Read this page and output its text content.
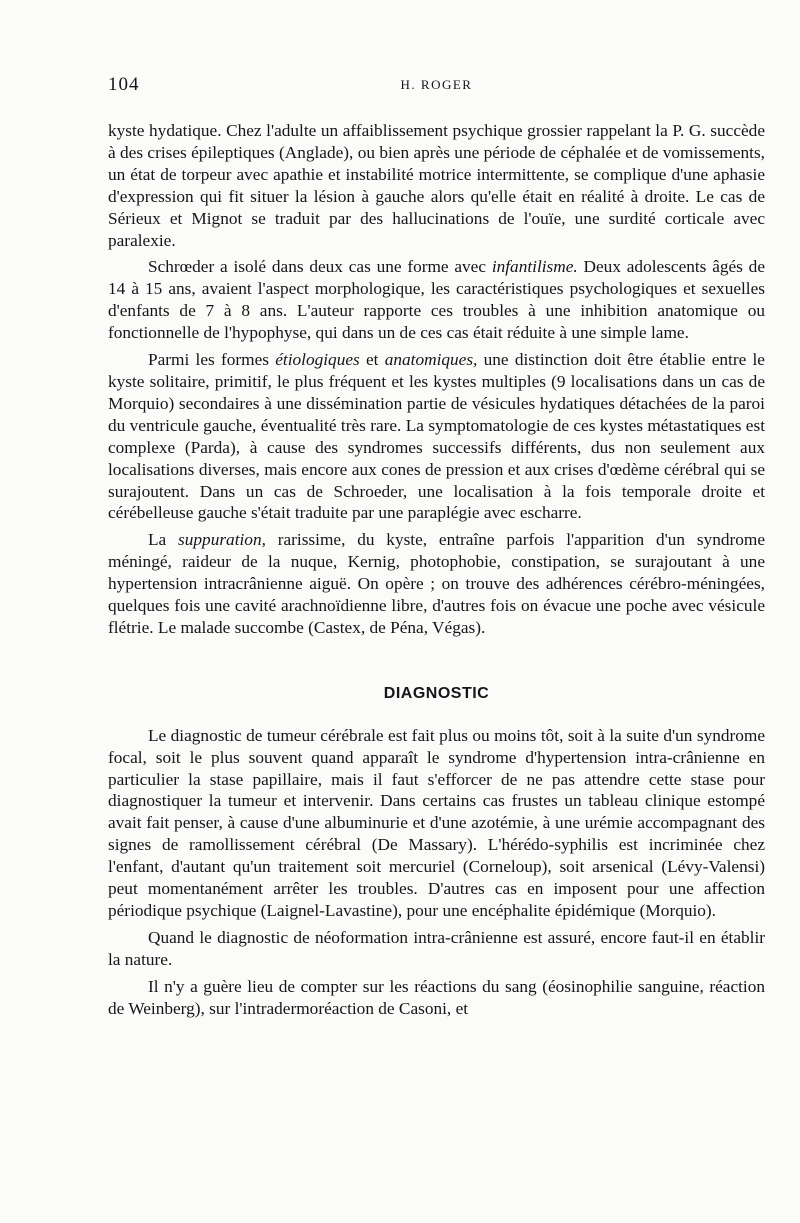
104	H. ROGER

kyste hydatique. Chez l'adulte un affaiblissement psychique grossier rappelant la P. G. succède à des crises épileptiques (Anglade), ou bien après une période de céphalée et de vomissements, un état de torpeur avec apathie et instabilité motrice intermittente, se complique d'une aphasie d'expression qui fit situer la lésion à gauche alors qu'elle était en réalité à droite. Le cas de Sérieux et Mignot se traduit par des hallucinations de l'ouïe, une surdité corticale avec paralexie.

Schrœder a isolé dans deux cas une forme avec infantilisme. Deux adolescents âgés de 14 à 15 ans, avaient l'aspect morphologique, les caractéristiques psychologiques et sexuelles d'enfants de 7 à 8 ans. L'auteur rapporte ces troubles à une inhibition anatomique ou fonctionnelle de l'hypophyse, qui dans un de ces cas était réduite à une simple lame.

Parmi les formes étiologiques et anatomiques, une distinction doit être établie entre le kyste solitaire, primitif, le plus fréquent et les kystes multiples (9 localisations dans un cas de Morquio) secondaires à une dissémination partie de vésicules hydatiques détachées de la paroi du ventricule gauche, éventualité très rare. La symptomatologie de ces kystes métastatiques est complexe (Parda), à cause des syndromes successifs différents, dus non seulement aux localisations diverses, mais encore aux cones de pression et aux crises d'œdème cérébral qui se surajoutent. Dans un cas de Schroeder, une localisation à la fois temporale droite et cérébelleuse gauche s'était traduite par une paraplégie avec escharre.

La suppuration, rarissime, du kyste, entraîne parfois l'apparition d'un syndrome méningé, raideur de la nuque, Kernig, photophobie, constipation, se surajoutant à une hypertension intracrânienne aiguë. On opère ; on trouve des adhérences cérébro-méningées, quelques fois une cavité arachnoïdienne libre, d'autres fois on évacue une poche avec vésicule flétrie. Le malade succombe (Castex, de Péna, Végas).

DIAGNOSTIC

Le diagnostic de tumeur cérébrale est fait plus ou moins tôt, soit à la suite d'un syndrome focal, soit le plus souvent quand apparaît le syndrome d'hypertension intra-crânienne en particulier la stase papillaire, mais il faut s'efforcer de ne pas attendre cette stase pour diagnostiquer la tumeur et intervenir. Dans certains cas frustes un tableau clinique estompé avait fait penser, à cause d'une albuminurie et d'une azotémie, à une urémie accompagnant des signes de ramollissement cérébral (De Massary). L'hérédo-syphilis est incriminée chez l'enfant, d'autant qu'un traitement soit mercuriel (Corneloup), soit arsenical (Lévy-Valensi) peut momentanément arrêter les troubles. D'autres cas en imposent pour une affection périodique psychique (Laignel-Lavastine), pour une encéphalite épidémique (Morquio).

Quand le diagnostic de néoformation intra-crânienne est assuré, encore faut-il en établir la nature.

Il n'y a guère lieu de compter sur les réactions du sang (éosinophilie sanguine, réaction de Weinberg), sur l'intradermoréaction de Casoni, et
